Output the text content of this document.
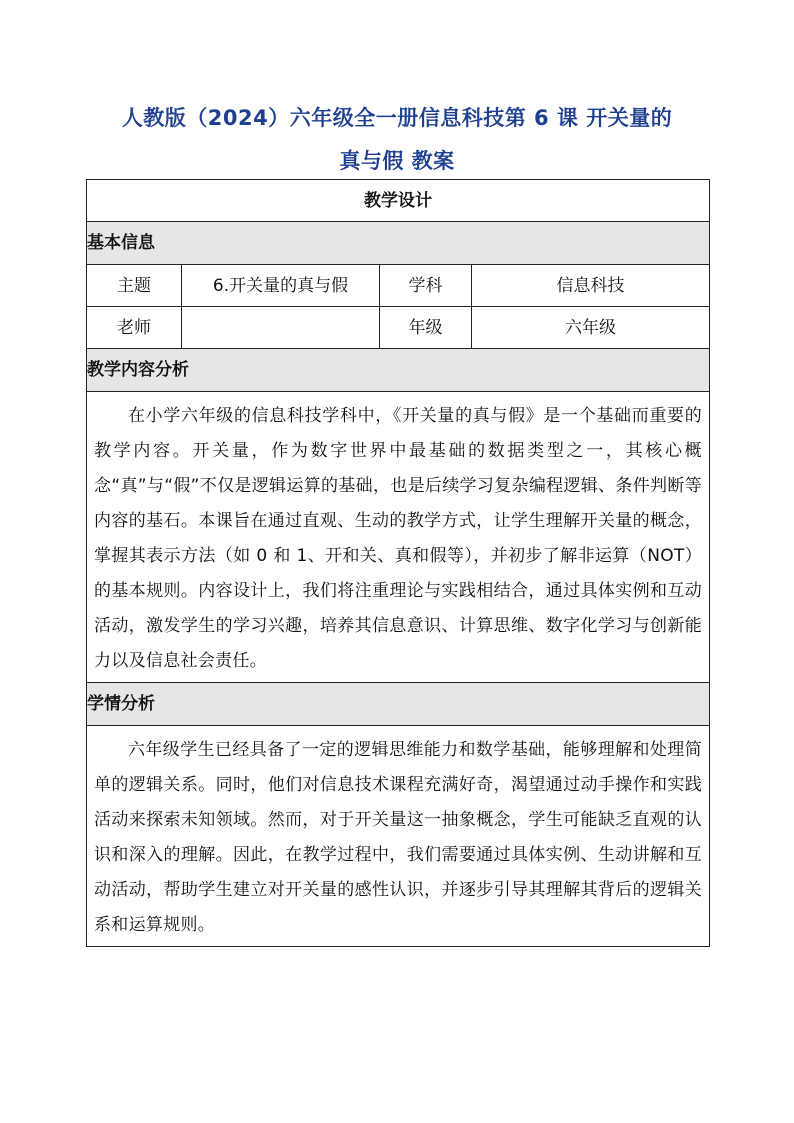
人教版（2024）六年级全一册信息科技第 6 课 开关量的
真与假 教案
教学设计			
基本信息			
主题	6.开关量的真与假	学科	信息科技
老师		年级	六年级
教学内容分析			
在小学六年级的信息科技学科中，《开关量的真与假》是一个基础而重要的教学内容。开关量，作为数字世界中最基础的数据类型之一，其核心概念“真”与“假”不仅是逻辑运算的基础，也是后续学习复杂编程逻辑、条件判断等内容的基石。本课旨在通过直观、生动的教学方式，让学生理解开关量的概念，掌握其表示方法（如 0 和 1、开和关、真和假等），并初步了解非运算（NOT）的基本规则。内容设计上，我们将注重理论与实践相结合，通过具体实例和互动活动，激发学生的学习兴趣，培养其信息意识、计算思维、数字化学习与创新能力以及信息社会责任。			
学情分析			
六年级学生已经具备了一定的逻辑思维能力和数学基础，能够理解和处理简单的逻辑关系。同时，他们对信息技术课程充满好奇，渴望通过动手操作和实践活动来探索未知领域。然而，对于开关量这一抽象概念，学生可能缺乏直观的认识和深入的理解。因此，在教学过程中，我们需要通过具体实例、生动讲解和互动活动，帮助学生建立对开关量的感性认识，并逐步引导其理解其背后的逻辑关系和运算规则。			
